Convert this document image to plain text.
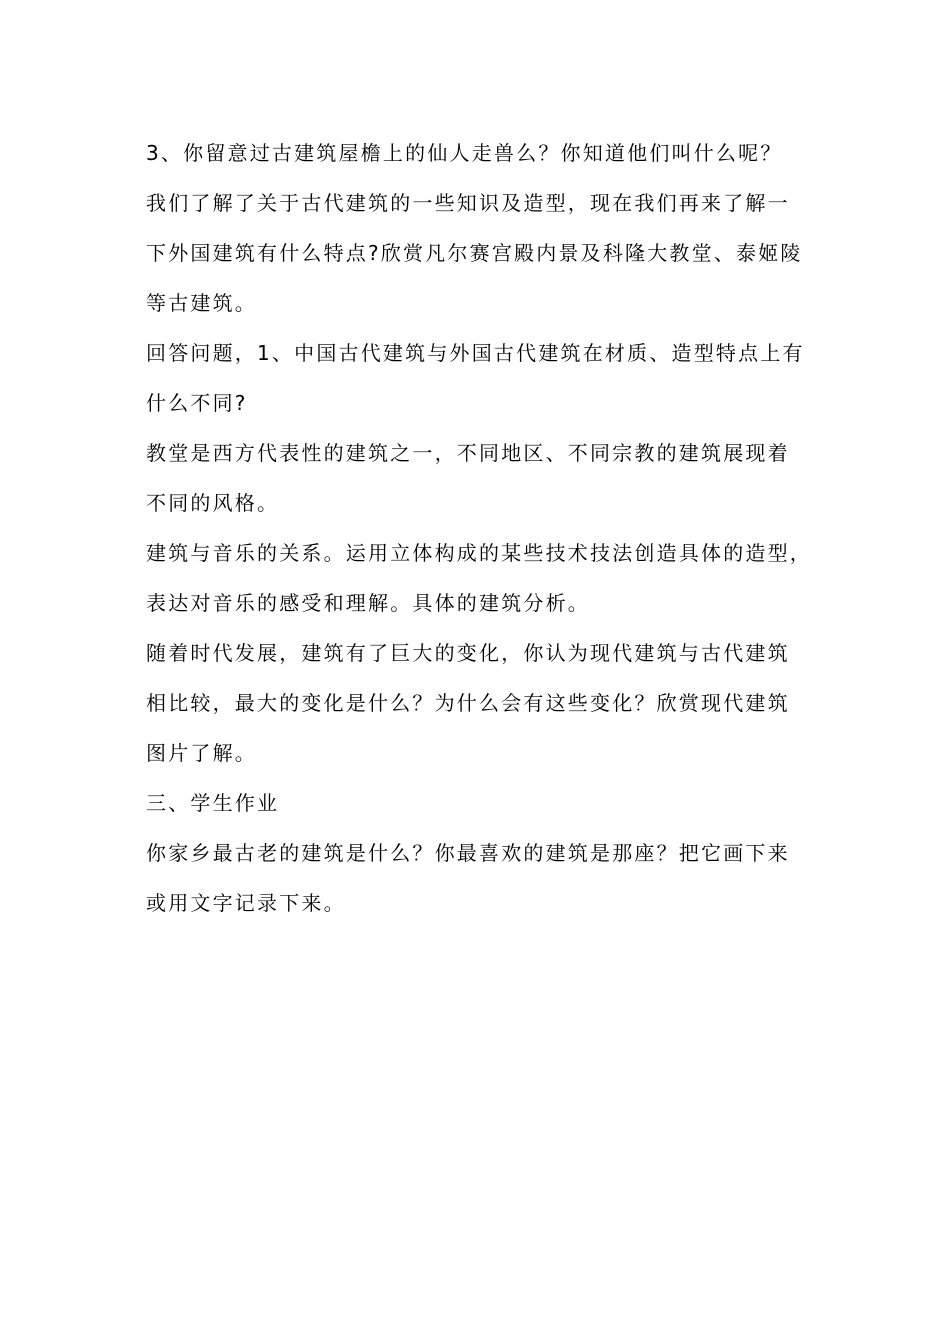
3、你留意过古建筑屋檐上的仙人走兽么？你知道他们叫什么呢？
我们了解了关于古代建筑的一些知识及造型，现在我们再来了解一
下外国建筑有什么特点?欣赏凡尔赛宫殿内景及科隆大教堂、泰姬陵
等古建筑。
回答问题，1、中国古代建筑与外国古代建筑在材质、造型特点上有
什么不同?
教堂是西方代表性的建筑之一，不同地区、不同宗教的建筑展现着
不同的风格。
建筑与音乐的关系。运用立体构成的某些技术技法创造具体的造型，
表达对音乐的感受和理解。具体的建筑分析。
随着时代发展，建筑有了巨大的变化，你认为现代建筑与古代建筑
相比较，最大的变化是什么？为什么会有这些变化？欣赏现代建筑
图片了解。
三、学生作业
你家乡最古老的建筑是什么？你最喜欢的建筑是那座？把它画下来
或用文字记录下来。
